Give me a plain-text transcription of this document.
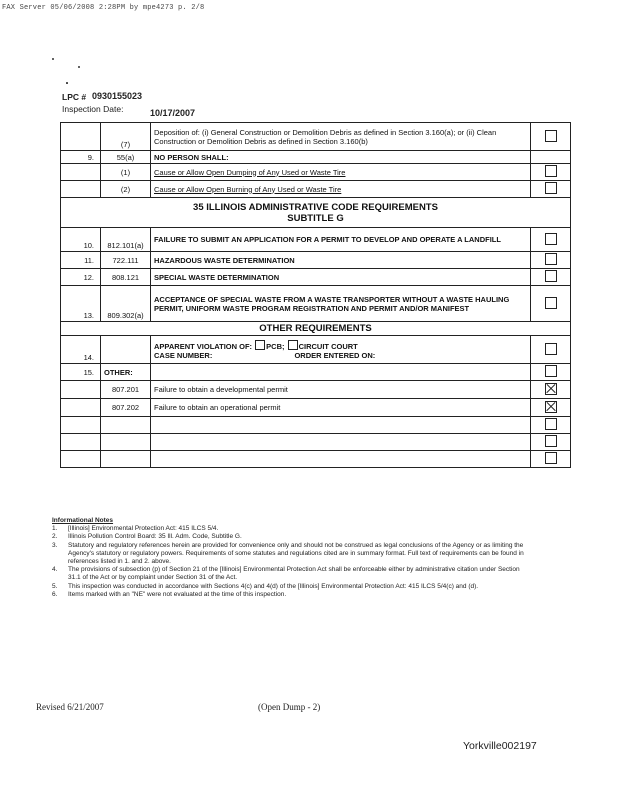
FAX Server 05/06/2008 2:28PM by mpe4273 p. 2/8
LPC # 0930155023
Inspection Date:	10/17/2007
	(7)	Deposition of: (i) General Construction or Demolition Debris as defined in Section 3.160(a); or (ii) Clean Construction or Demolition Debris as defined in Section 3.160(b)	
9.	55(a)	NO PERSON SHALL:	
	(1)	Cause or Allow Open Dumping of Any Used or Waste Tire	
	(2)	Cause or Allow Open Burning of Any Used or Waste Tire	

35 ILLINOIS ADMINISTRATIVE CODE REQUIREMENTS
SUBTITLE G			

10.	812.101(a)	FAILURE TO SUBMIT AN APPLICATION FOR A PERMIT TO DEVELOP AND OPERATE A LANDFILL	
11.	722.111	HAZARDOUS WASTE DETERMINATION	
12.	808.121	SPECIAL WASTE DETERMINATION	
13.	809.302(a)	ACCEPTANCE OF SPECIAL WASTE FROM A WASTE TRANSPORTER WITHOUT A WASTE HAULING PERMIT, UNIFORM WASTE PROGRAM REGISTRATION AND PERMIT AND/OR MANIFEST	
OTHER REQUIREMENTS			
14.		APPARENT VIOLATION OF: PCB; CIRCUIT COURT
CASE NUMBER: ORDER ENTERED ON:	

15.	OTHER:		
	807.201	Failure to obtain a developmental permit	
	807.202	Failure to obtain an operational permit	

Informational Notes
1.	[Illinois] Environmental Protection Act: 415 ILCS 5/4.
2.	Illinois Pollution Control Board: 35 Ill. Adm. Code, Subtitle G.
3.	Statutory and regulatory references herein are provided for convenience only and should not be construed as legal conclusions of the Agency or as limiting the Agency's statutory or regulatory powers. Requirements of some statutes and regulations cited are in summary format. Full text of requirements can be found in references listed in 1. and 2. above.
4.	The provisions of subsection (p) of Section 21 of the [Illinois] Environmental Protection Act shall be enforceable either by administrative citation under Section 31.1 of the Act or by complaint under Section 31 of the Act.
5.	This inspection was conducted in accordance with Sections 4(c) and 4(d) of the [Illinois] Environmental Protection Act: 415 ILCS 5/4(c) and (d).
6.	Items marked with an "NE" were not evaluated at the time of this inspection.
Revised 6/21/2007	(Open Dump - 2)
Yorkville002197
